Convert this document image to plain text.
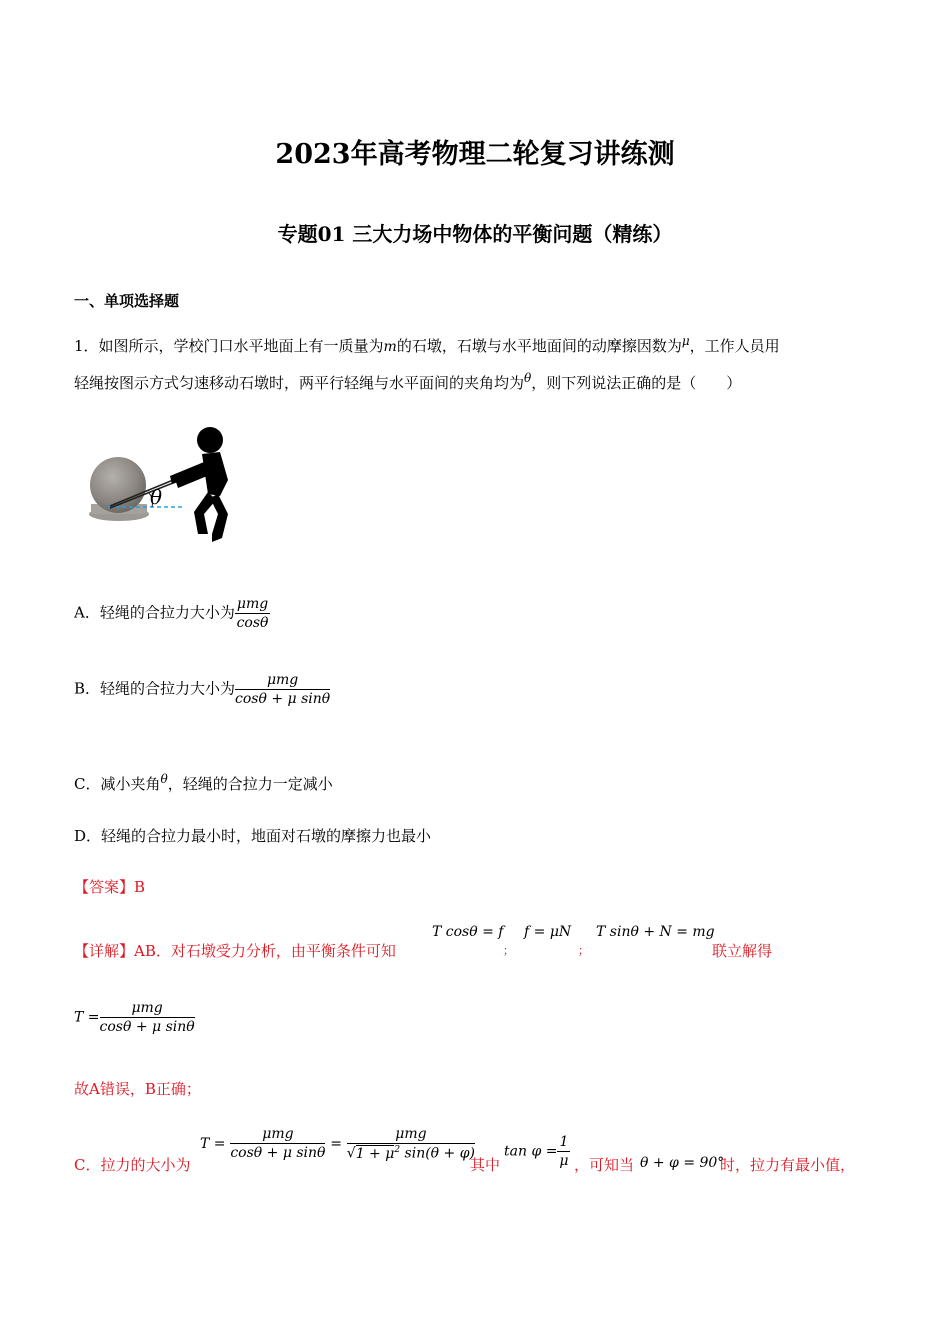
2023年高考物理二轮复习讲练测
专题01 三大力场中物体的平衡问题（精练）
一、单项选择题
1．如图所示，学校门口水平地面上有一质量为m的石墩，石墩与水平地面间的动摩擦因数为$^\mu$，工作人员用
轻绳按图示方式匀速移动石墩时，两平行轻绳与水平面间的夹角均为$^\theta$，则下列说法正确的是（　　）
θ
A．轻绳的合拉力大小为 $\frac{\text{μmg}}{\cos\theta}$
B．轻绳的合拉力大小为 $\frac{\text{μmg}}{\text{cosθ + μ sinθ}}$
C．减小夹角$^\theta$，轻绳的合拉力一定减小
D．轻绳的合拉力最小时，地面对石墩的摩擦力也最小
【答案】B
【详解】AB．对石墩受力分析，由平衡条件可知
T cosθ = f
；
f = μN
；
T sinθ + N = mg
联立解得
$T = \frac{\text{μmg}}{\text{cosθ + μ sinθ}}$
故A错误，B正确；
C．拉力的大小为
$T = \frac{\text{μmg}}{\text{cosθ + μ sinθ}} = \frac{\text{μmg}}{√1 + \mu^2 \sin(\theta + \varphi)}$
其中
$\tan \varphi = \frac{1}{\mu}$ ，可知当 θ + φ = 90°
时，拉力有最小值，
